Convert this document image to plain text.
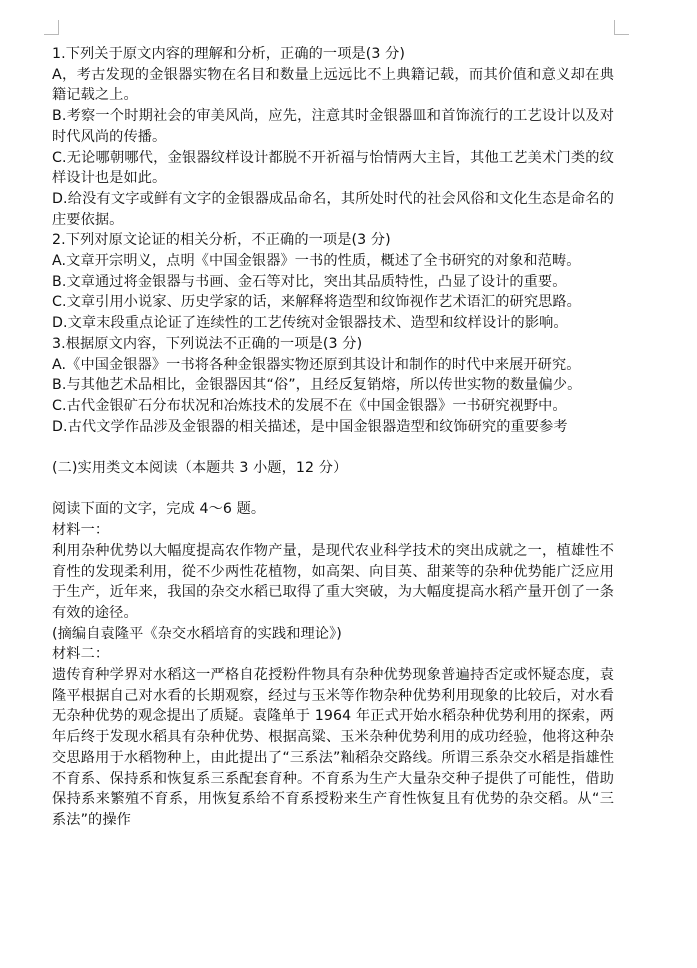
1.下列关于原文内容的理解和分析，正确的一项是(3 分)

A，考古发现的金银器实物在名目和数量上远远比不上典籍记载，而其价值和意义却在典籍记载之上。

B.考察一个时期社会的审美风尚，应先，注意其时金银器皿和首饰流行的工艺设计以及对时代风尚的传播。

C.无论哪朝哪代，金银器纹样设计都脱不开祈福与怡情两大主旨，其他工艺美术门类的纹样设计也是如此。

D.给没有文字或鲜有文字的金银器成品命名，其所处时代的社会风俗和文化生态是命名的庄要依据。

2.下列对原文论证的相关分析，不正确的一项是(3 分)

A.文章开宗明义，点明《中国金银器》一书的性质，概述了全书研究的对象和范畴。

B.文章通过将金银器与书画、金石等对比，突出其品质特性，凸显了设计的重要。

C.文章引用小说家、历史学家的话，来解释将造型和纹饰视作艺术语汇的研究思路。

D.文章末段重点论证了连续性的工艺传统对金银器技术、造型和纹样设计的影响。

3.根据原文内容，下列说法不正确的一项是(3 分)

A.《中国金银器》一书将各种金银器实物还原到其设计和制作的时代中来展开研究。

B.与其他艺术品相比，金银器因其“俗”，且经反复销熔，所以传世实物的数量偏少。

C.古代金银矿石分布状况和冶炼技术的发展不在《中国金银器》一书研究视野中。

D.古代文学作品涉及金银器的相关描述，是中国金银器造型和纹饰研究的重要参考

(二)实用类文本阅读（本题共 3 小题，12 分）

阅读下面的文字，完成 4～6 题。

材料一：

利用杂种优势以大幅度提高农作物产量，是现代农业科学技术的突出成就之一，植雄性不育性的发现柔利用，從不少两性花植物，如高架、向目英、甜莱等的杂种优势能广泛应用于生产，近年来，我国的杂交水稻已取得了重大突破，为大幅度提高水稻产量开创了一条有效的途径。

(摘编自袁隆平《杂交水稻培育的实践和理论》)

材料二：

遗传育种学界对水稻这一严格自花授粉件物具有杂种优势现象普遍持否定或怀疑态度，袁隆平根据自己对水看的长期观察，经过与玉米等作物杂种优势利用现象的比较后，对水看无杂种优势的观念提出了质疑。袁隆单于 1964 年正式开始水稻杂种优势利用的探索，两年后终于发现水稻具有杂种优势、根据高粱、玉米杂种优势利用的成功经验，他将这种杂交思路用于水稻物种上，由此提出了“三系法”籼稻杂交路线。所谓三系杂交水稻是指雄性不育系、保持系和恢复系三系配套育种。不育系为生产大量杂交种子提供了可能性，借助保持系来繁殖不育系，用恢复系给不育系授粉来生产育性恢复且有优势的杂交稻。从“三系法”的操作
